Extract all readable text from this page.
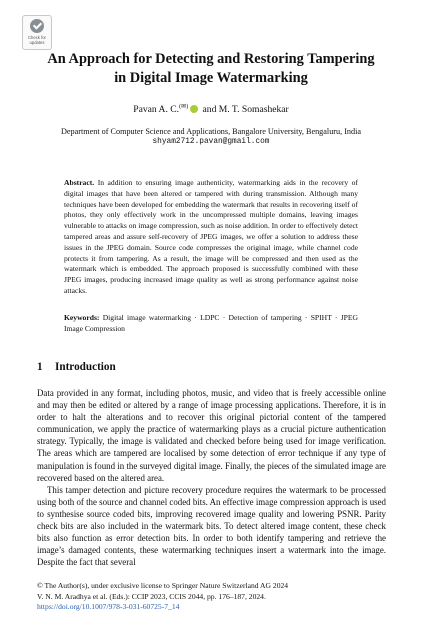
Check for
updates
An Approach for Detecting and Restoring Tampering in Digital Image Watermarking
Pavan A. C.(✉) and M. T. Somashekar
Department of Computer Science and Applications, Bangalore University, Bengaluru, India
shyam2712.pavan@gmail.com
Abstract. In addition to ensuring image authenticity, watermarking aids in the recovery of digital images that have been altered or tampered with during transmission. Although many techniques have been developed for embedding the watermark that results in recovering itself of photos, they only effectively work in the uncompressed multiple domains, leaving images vulnerable to attacks on image compression, such as noise addition. In order to effectively detect tampered areas and assure self-recovery of JPEG images, we offer a solution to address these issues in the JPEG domain. Source code compresses the original image, while channel code protects it from tampering. As a result, the image will be compressed and then used as the watermark which is embedded. The approach proposed is successfully combined with these JPEG images, producing increased image quality as well as strong performance against noise attacks.
Keywords: Digital image watermarking · LDPC · Detection of tampering · SPIHT · JPEG Image Compression
1 Introduction

Data provided in any format, including photos, music, and video that is freely accessible online and may then be edited or altered by a range of image processing applications. Therefore, it is in order to halt the alterations and to recover this original pictorial content of the tampered communication, we apply the practice of watermarking plays as a crucial picture authentication strategy. Typically, the image is validated and checked before being used for image verification. The areas which are tampered are localised by some detection of error technique if any type of manipulation is found in the surveyed digital image. Finally, the pieces of the simulated image are recovered based on the altered area.

This tamper detection and picture recovery procedure requires the watermark to be processed using both of the source and channel coded bits. An effective image compression approach is used to synthesise source coded bits, improving recovered image quality and lowering PSNR. Parity check bits are also included in the watermark bits. To detect altered image content, these check bits also function as error detection bits. In order to both identify tampering and retrieve the image’s damaged contents, these watermarking techniques insert a watermark into the image. Despite the fact that several

© The Author(s), under exclusive license to Springer Nature Switzerland AG 2024
V. N. M. Aradhya et al. (Eds.): CCIP 2023, CCIS 2044, pp. 176–187, 2024.
https://doi.org/10.1007/978-3-031-60725-7_14
